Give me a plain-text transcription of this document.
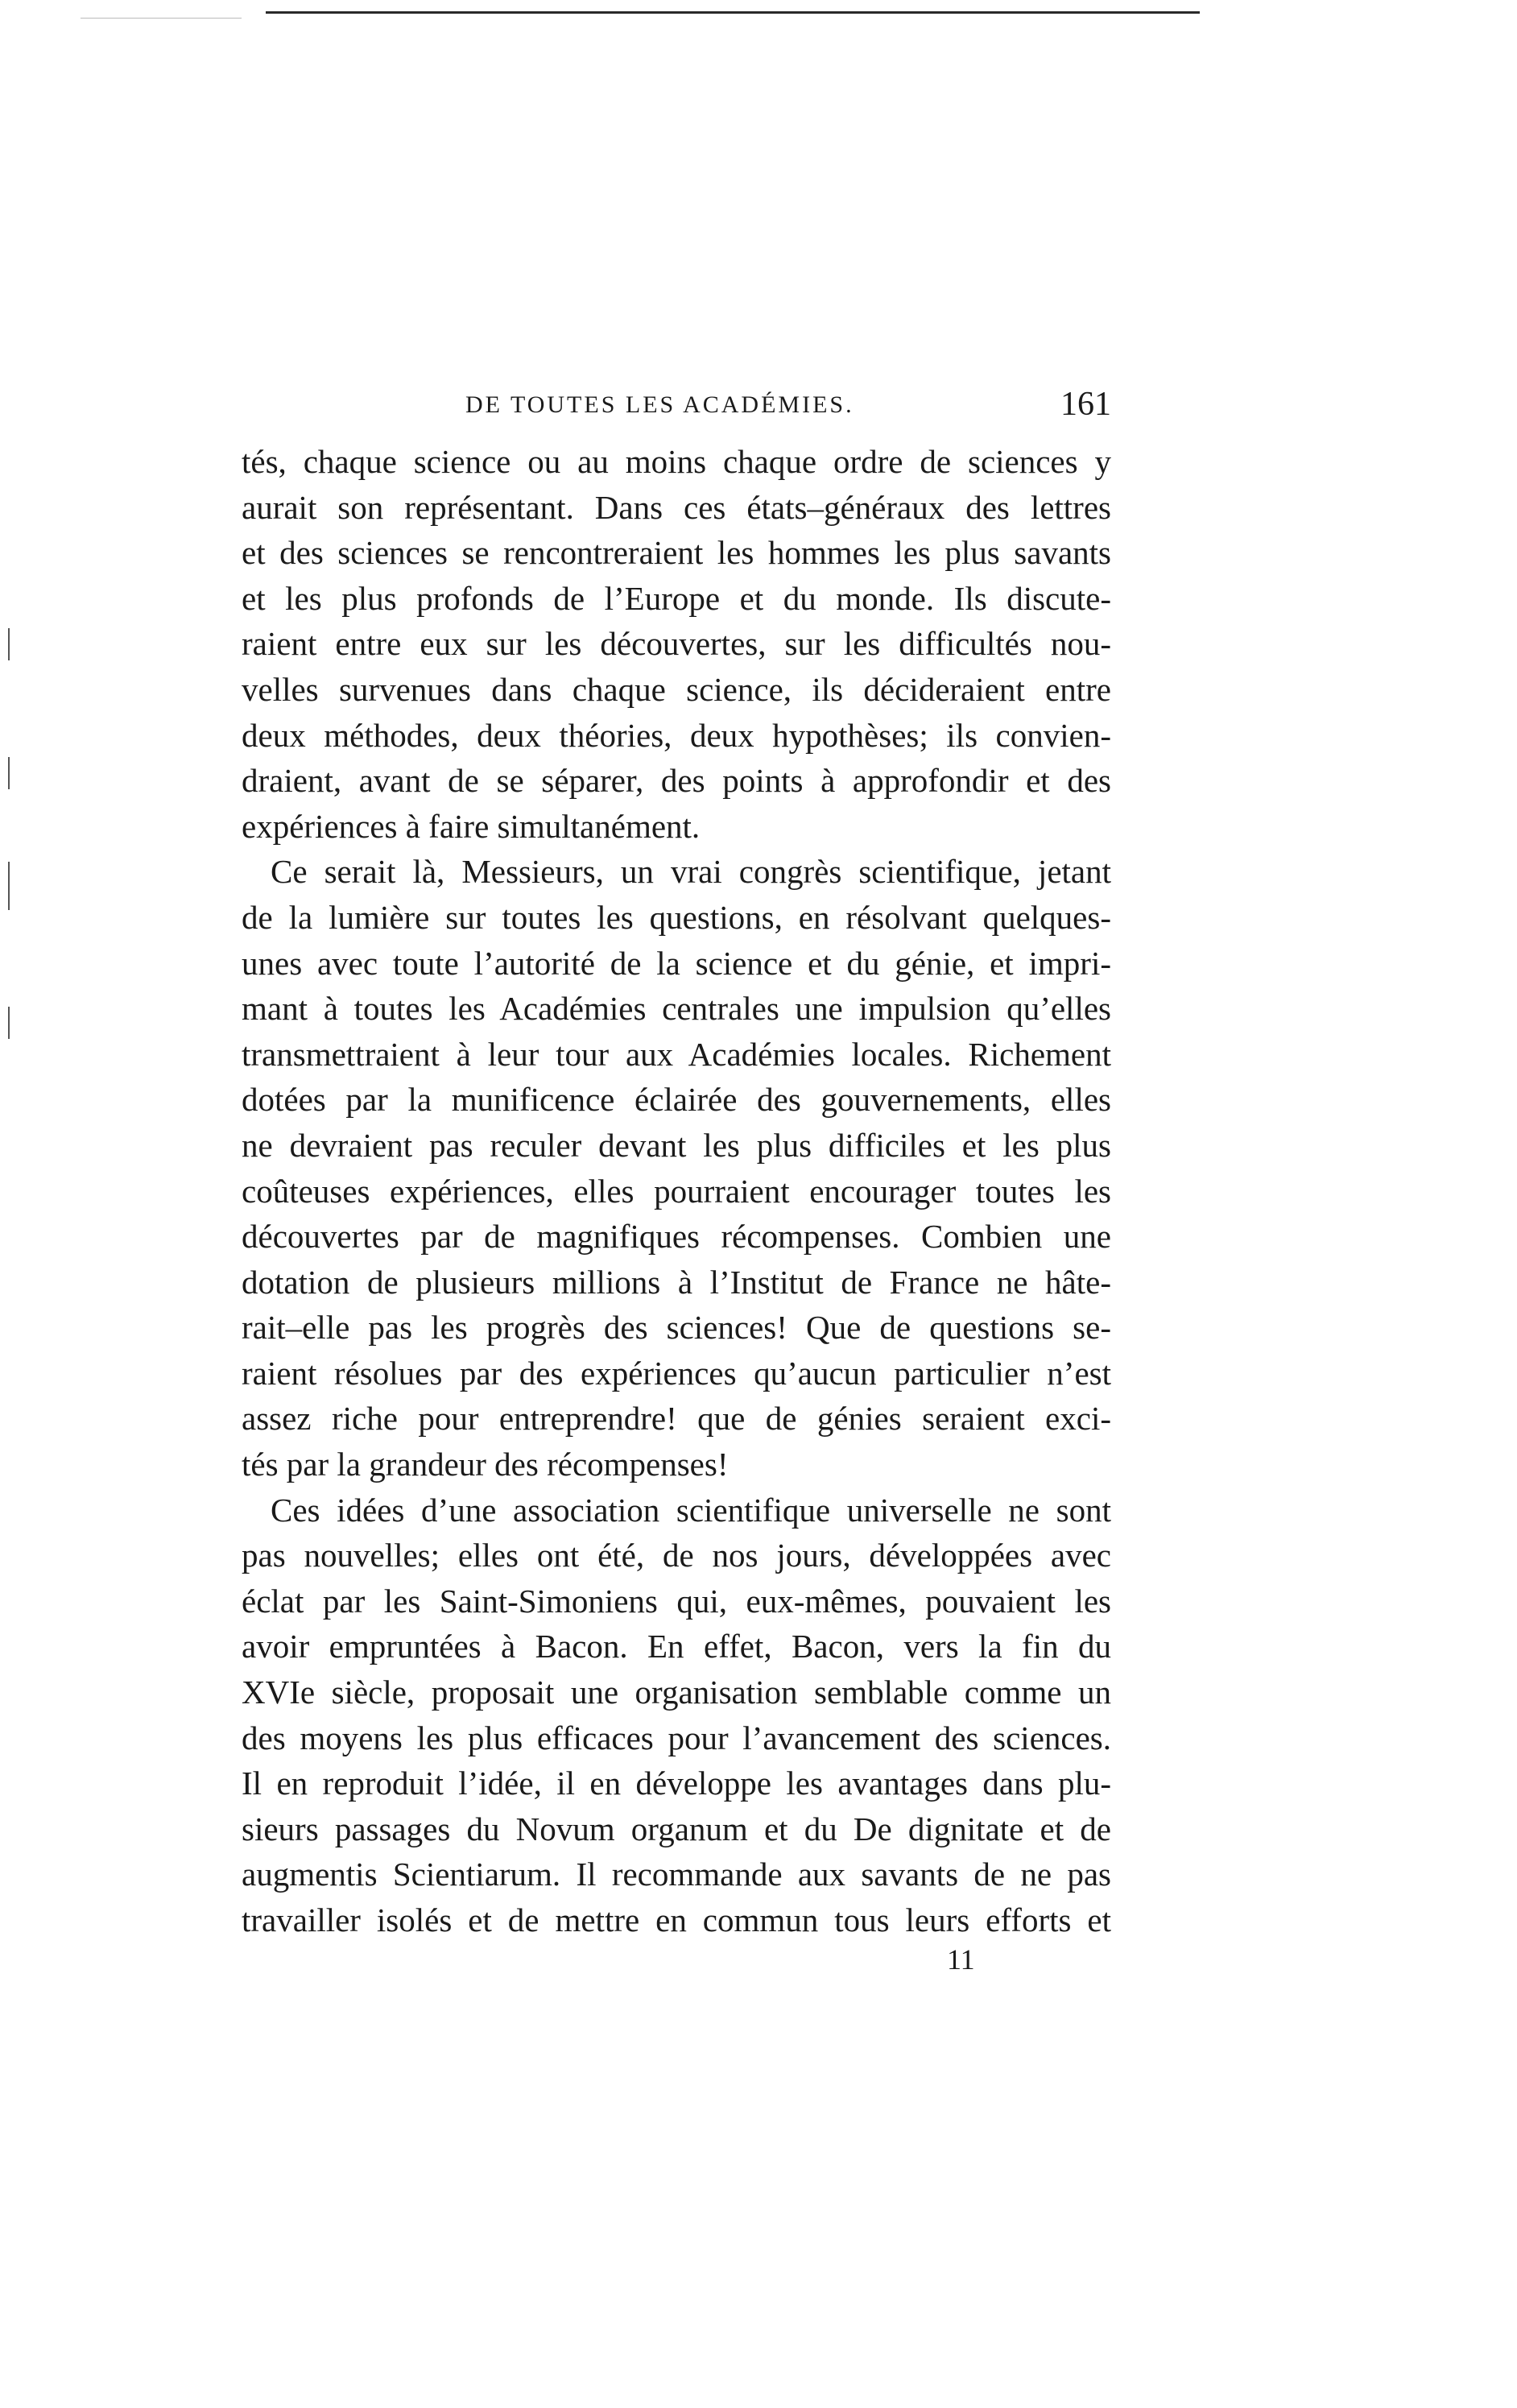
DE TOUTES LES ACADÉMIES.	161
tés, chaque science ou au moins chaque ordre de sciences y
aurait son représentant. Dans ces états–généraux des lettres
et des sciences se rencontreraient les hommes les plus savants
et les plus profonds de l’Europe et du monde. Ils discute-
raient entre eux sur les découvertes, sur les difficultés nou-
velles survenues dans chaque science, ils décideraient entre
deux méthodes, deux théories, deux hypothèses; ils convien-
draient, avant de se séparer, des points à approfondir et des
expériences à faire simultanément.
Ce serait là, Messieurs, un vrai congrès scientifique, jetant
de la lumière sur toutes les questions, en résolvant quelques-
unes avec toute l’autorité de la science et du génie, et impri-
mant à toutes les Académies centrales une impulsion qu’elles
transmettraient à leur tour aux Académies locales. Richement
dotées par la munificence éclairée des gouvernements, elles
ne devraient pas reculer devant les plus difficiles et les plus
coûteuses expériences, elles pourraient encourager toutes les
découvertes par de magnifiques récompenses. Combien une
dotation de plusieurs millions à l’Institut de France ne hâte-
rait–elle pas les progrès des sciences! Que de questions se-
raient résolues par des expériences qu’aucun particulier n’est
assez riche pour entreprendre! que de génies seraient exci-
tés par la grandeur des récompenses!
Ces idées d’une association scientifique universelle ne sont
pas nouvelles; elles ont été, de nos jours, développées avec
éclat par les Saint-Simoniens qui, eux-mêmes, pouvaient les
avoir empruntées à Bacon. En effet, Bacon, vers la fin du
XVIe siècle, proposait une organisation semblable comme un
des moyens les plus efficaces pour l’avancement des sciences.
Il en reproduit l’idée, il en développe les avantages dans plu-
sieurs passages du Novum organum et du De dignitate et de
augmentis Scientiarum. Il recommande aux savants de ne pas
travailler isolés et de mettre en commun tous leurs efforts et
11
